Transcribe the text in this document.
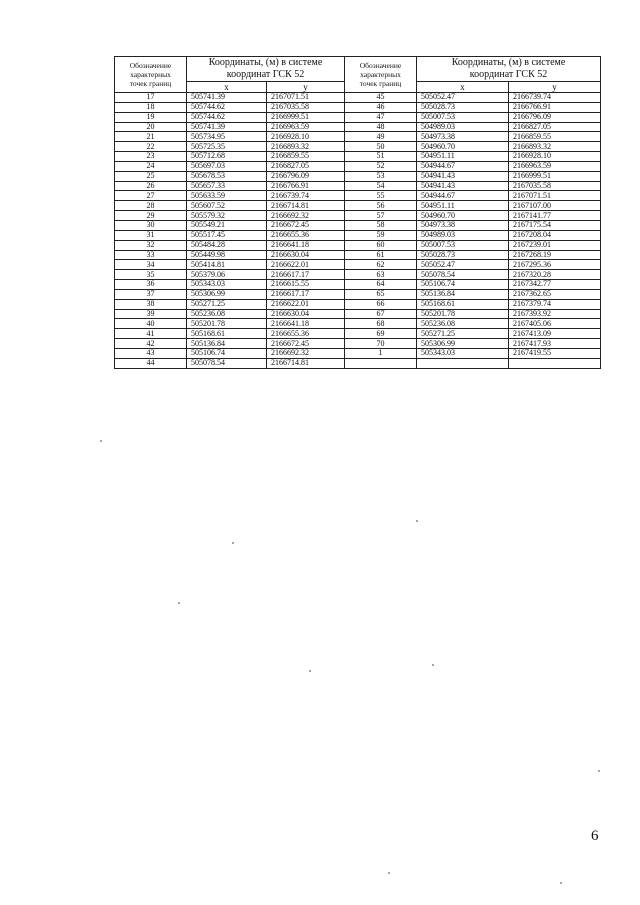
Обозначение
характерных
точек границ	Координаты, (м) в системе
координат ГСК 52		Обозначение
характерных
точек границ	Координаты, (м) в системе
координат ГСК 52	
	x	y		x	y
17	505741.39	2167071.51	45	505052.47	2166739.74
18	505744.62	2167035.58	46	505028.73	2166766.91
19	505744.62	2166999.51	47	505007.53	2166796.09
20	505741.39	2166963.59	48	504989.03	2166827.05
21	505734.95	2166928.10	49	504973.38	2166859.55
22	505725.35	2166893.32	50	504960.70	2166893.32
23	505712.68	2166859.55	51	504951.11	2166928.10
24	505697.03	2166827.05	52	504944.67	2166963.59
25	505678.53	2166796.09	53	504941.43	2166999.51
26	505657.33	2166766.91	54	504941.43	2167035.58
27	505633.59	2166739.74	55	504944.67	2167071.51
28	505607.52	2166714.81	56	504951.11	2167107.00
29	505579.32	2166692.32	57	504960.70	2167141.77
30	505549.21	2166672.45	58	504973.38	2167175.54
31	505517.45	2166655.36	59	504989.03	2167208.04
32	505484.28	2166641.18	60	505007.53	2167239.01
33	505449.98	2166630.04	61	505028.73	2167268.19
34	505414.81	2166622.01	62	505052.47	2167295.36
35	505379.06	2166617.17	63	505078.54	2167320.28
36	505343.03	2166615.55	64	505106.74	2167342.77
37	505306.99	2166617.17	65	505136.84	2167362.65
38	505271.25	2166622.01	66	505168.61	2167379.74
39	505236.08	2166630.04	67	505201.78	2167393.92
40	505201.78	2166641.18	68	505236.08	2167405.06
41	505168.61	2166655.36	69	505271.25	2167413.09
42	505136.84	2166672.45	70	505306.99	2167417.93
43	505106.74	2166692.32	1	505343.03	2167419.55
44	505078.54	2166714.81			
6
